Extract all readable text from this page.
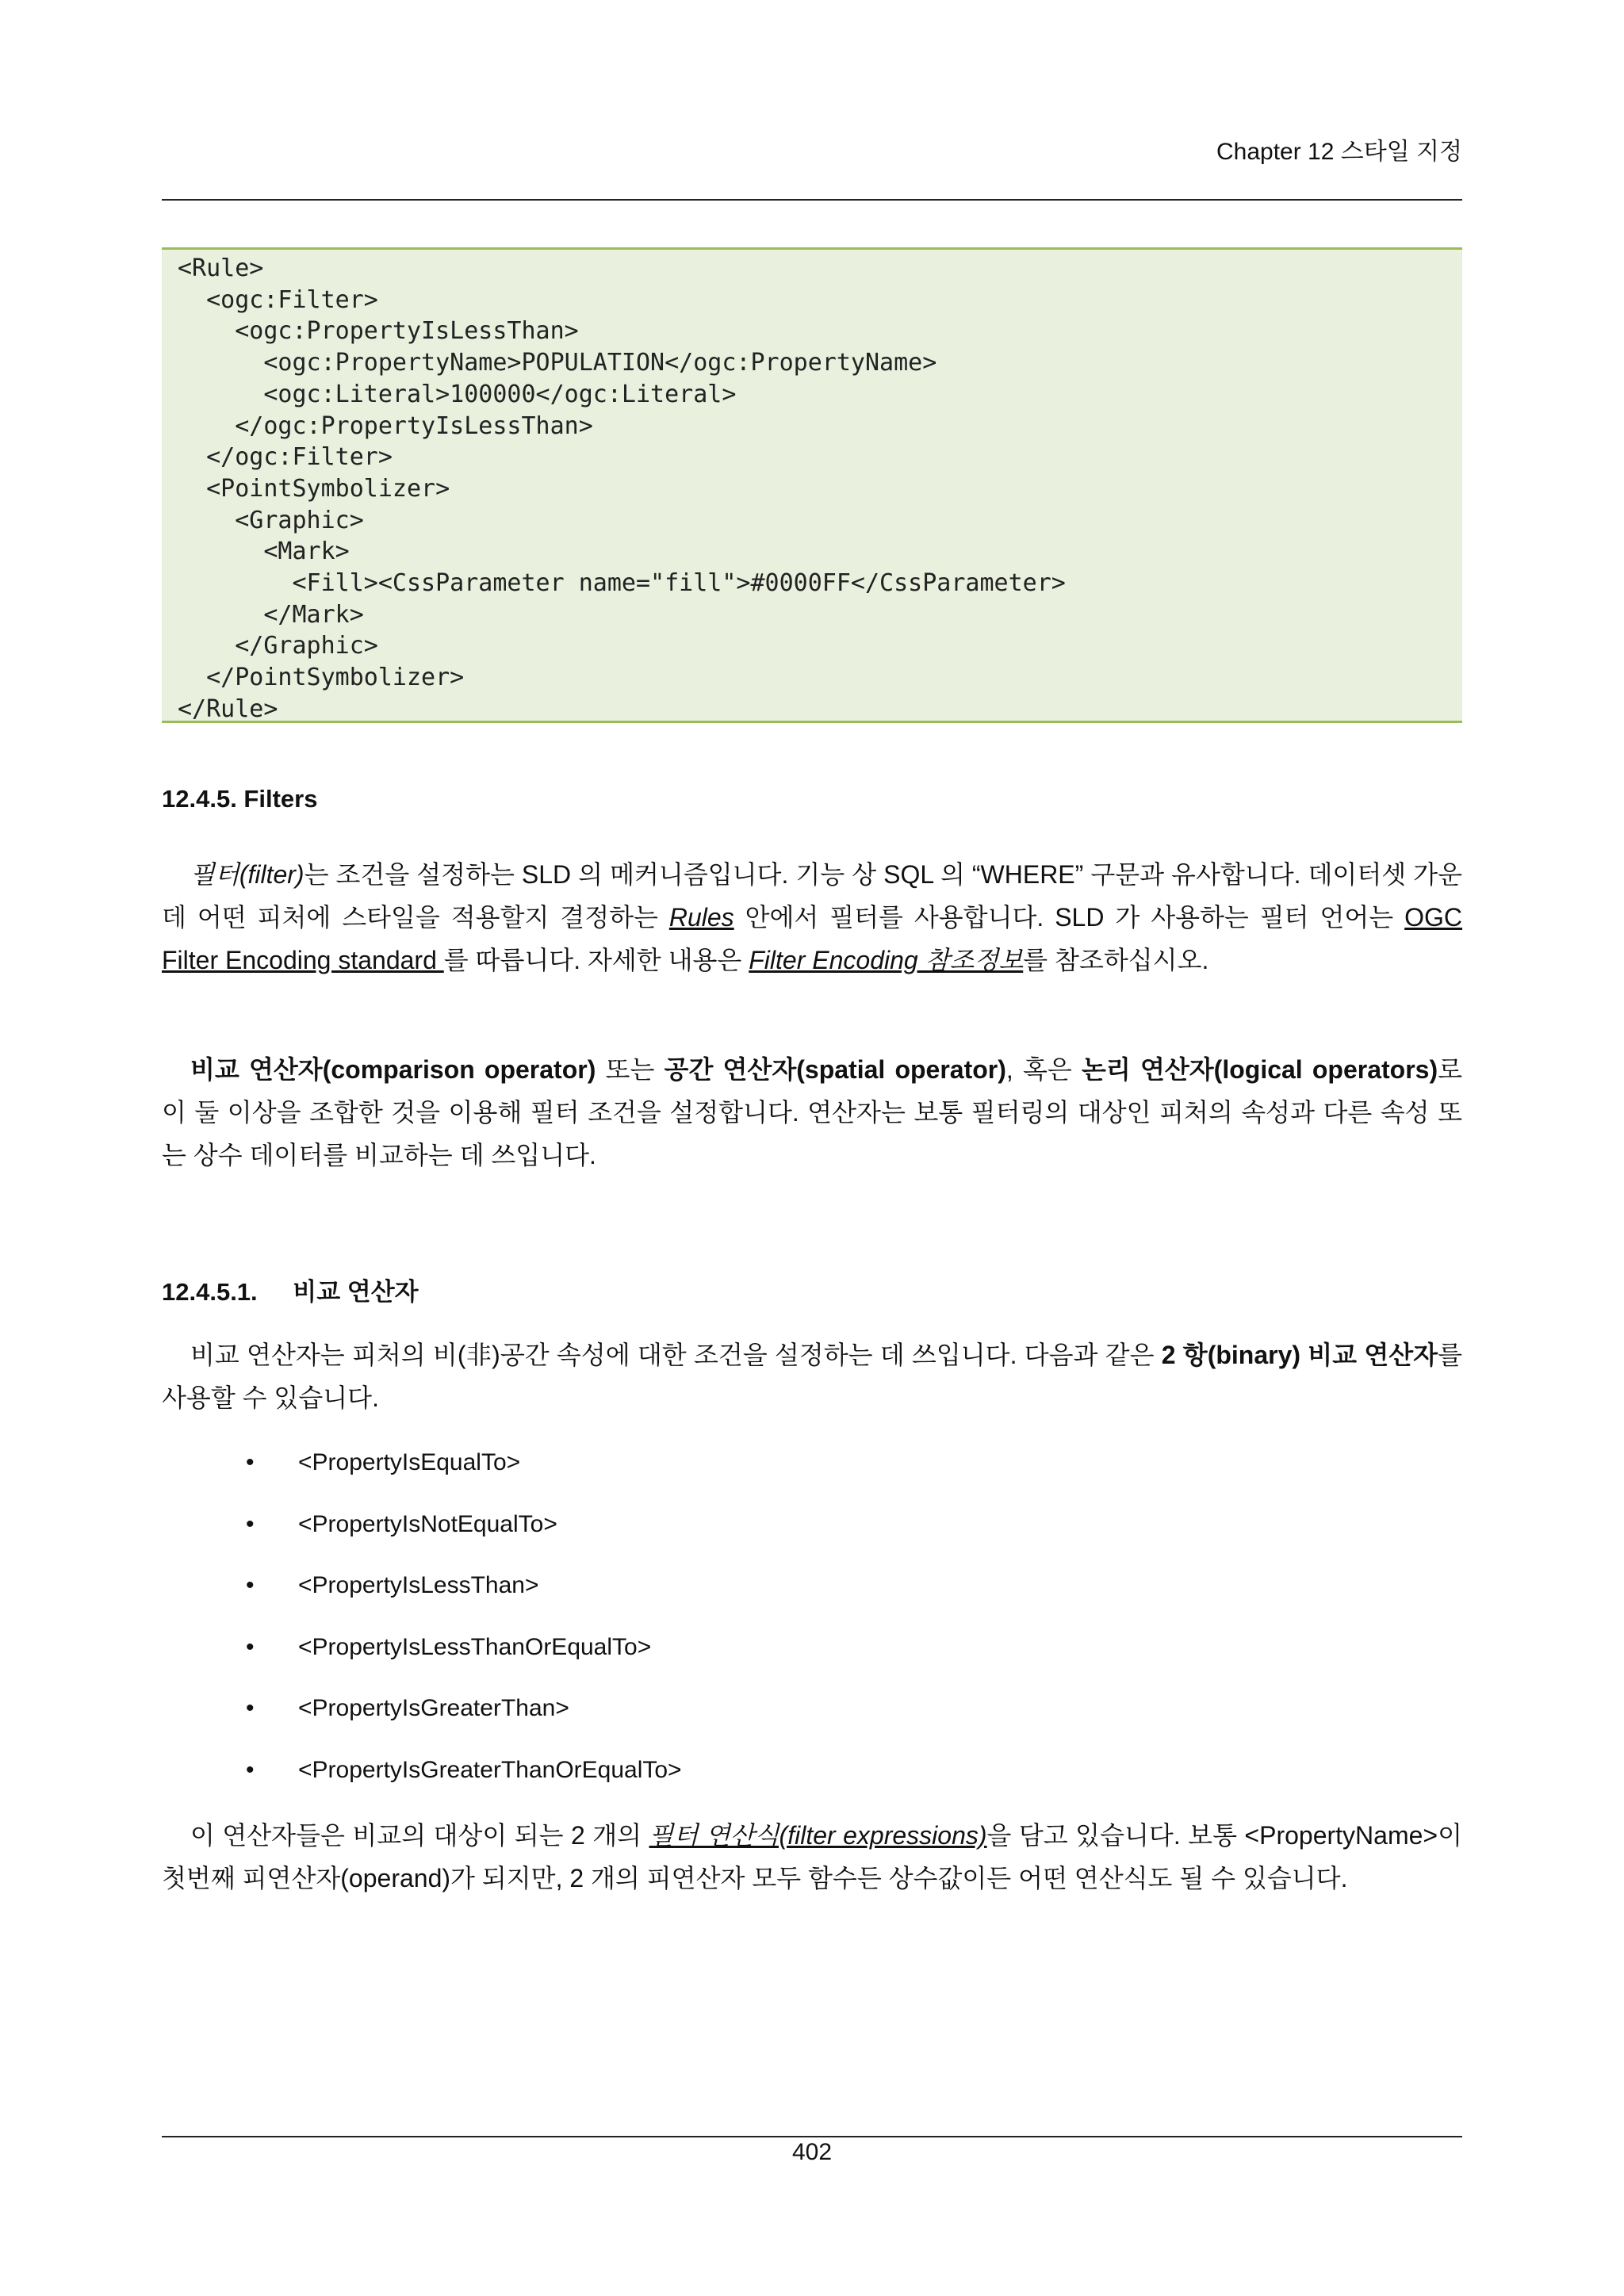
Chapter 12 스타일 지정
<Rule>
<ogc:Filter>
<ogc:PropertyIsLessThan>
<ogc:PropertyName>POPULATION</ogc:PropertyName>
<ogc:Literal>100000</ogc:Literal>
</ogc:PropertyIsLessThan>
</ogc:Filter>
<PointSymbolizer>
<Graphic>
<Mark>
<Fill><CssParameter name="fill">#0000FF</CssParameter>
</Mark>
</Graphic>
</PointSymbolizer>
</Rule>
12.4.5. Filters
필터(filter)는 조건을 설정하는 SLD 의 메커니즘입니다. 기능 상 SQL 의 “WHERE” 구문과 유사합니다. 데이터셋 가운데 어떤 피처에 스타일을 적용할지 결정하는 Rules 안에서 필터를 사용합니다. SLD 가 사용하는 필터 언어는 OGC Filter Encoding standard 를 따릅니다. 자세한 내용은 Filter Encoding 참조정보를 참조하십시오.
비교 연산자(comparison operator) 또는 공간 연산자(spatial operator), 혹은 논리 연산자(logical operators)로 이 둘 이상을 조합한 것을 이용해 필터 조건을 설정합니다. 연산자는 보통 필터링의 대상인 피처의 속성과 다른 속성 또는 상수 데이터를 비교하는 데 쓰입니다.
12.4.5.1. 비교 연산자
비교 연산자는 피처의 비(非)공간 속성에 대한 조건을 설정하는 데 쓰입니다. 다음과 같은 2 항(binary) 비교 연산자를 사용할 수 있습니다.
• <PropertyIsEqualTo>
• <PropertyIsNotEqualTo>
• <PropertyIsLessThan>
• <PropertyIsLessThanOrEqualTo>
• <PropertyIsGreaterThan>
• <PropertyIsGreaterThanOrEqualTo>
이 연산자들은 비교의 대상이 되는 2 개의 필터 연산식(filter expressions)을 담고 있습니다. 보통 <PropertyName>이 첫번째 피연산자(operand)가 되지만, 2 개의 피연산자 모두 함수든 상수값이든 어떤 연산식도 될 수 있습니다.
402
